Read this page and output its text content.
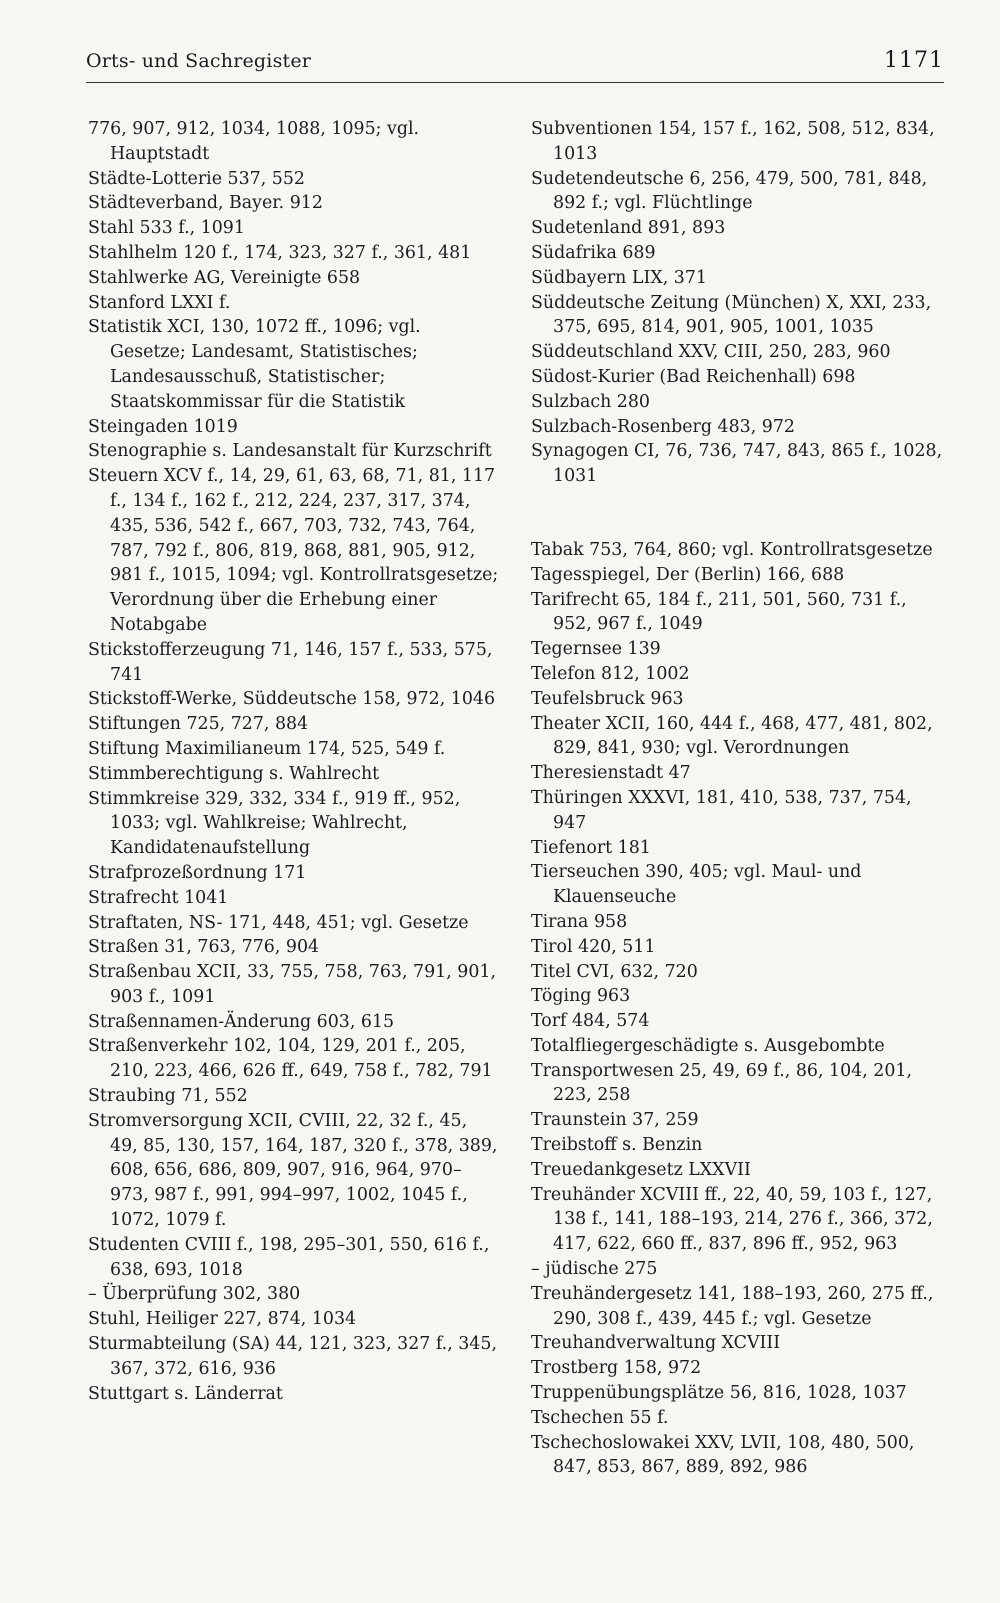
Orts- und Sachregister	1171
776, 907, 912, 1034, 1088, 1095; vgl. Hauptstadt
Städte-Lotterie 537, 552
Städteverband, Bayer. 912
Stahl 533 f., 1091
Stahlhelm 120 f., 174, 323, 327 f., 361, 481
Stahlwerke AG, Vereinigte 658
Stanford LXXI f.
Statistik XCI, 130, 1072 ff., 1096; vgl. Gesetze; Landesamt, Statistisches; Landesausschuß, Statistischer; Staatskommissar für die Statistik
Steingaden 1019
Stenographie s. Landesanstalt für Kurzschrift
Steuern XCV f., 14, 29, 61, 63, 68, 71, 81, 117 f., 134 f., 162 f., 212, 224, 237, 317, 374, 435, 536, 542 f., 667, 703, 732, 743, 764, 787, 792 f., 806, 819, 868, 881, 905, 912, 981 f., 1015, 1094; vgl. Kontrollratsgesetze; Verordnung über die Erhebung einer Notabgabe
Stickstofferzeugung 71, 146, 157 f., 533, 575, 741
Stickstoff-Werke, Süddeutsche 158, 972, 1046
Stiftungen 725, 727, 884
Stiftung Maximilianeum 174, 525, 549 f.
Stimmberechtigung s. Wahlrecht
Stimmkreise 329, 332, 334 f., 919 ff., 952, 1033; vgl. Wahlkreise; Wahlrecht, Kandidatenaufstellung
Strafprozeßordnung 171
Strafrecht 1041
Straftaten, NS- 171, 448, 451; vgl. Gesetze
Straßen 31, 763, 776, 904
Straßenbau XCII, 33, 755, 758, 763, 791, 901, 903 f., 1091
Straßennamen-Änderung 603, 615
Straßenverkehr 102, 104, 129, 201 f., 205, 210, 223, 466, 626 ff., 649, 758 f., 782, 791
Straubing 71, 552
Stromversorgung XCII, CVIII, 22, 32 f., 45, 49, 85, 130, 157, 164, 187, 320 f., 378, 389, 608, 656, 686, 809, 907, 916, 964, 970–973, 987 f., 991, 994–997, 1002, 1045 f., 1072, 1079 f.
Studenten CVIII f., 198, 295–301, 550, 616 f., 638, 693, 1018
– Überprüfung 302, 380
Stuhl, Heiliger 227, 874, 1034
Sturmabteilung (SA) 44, 121, 323, 327 f., 345, 367, 372, 616, 936
Stuttgart s. Länderrat
Subventionen 154, 157 f., 162, 508, 512, 834, 1013
Sudetendeutsche 6, 256, 479, 500, 781, 848, 892 f.; vgl. Flüchtlinge
Sudetenland 891, 893
Südafrika 689
Südbayern LIX, 371
Süddeutsche Zeitung (München) X, XXI, 233, 375, 695, 814, 901, 905, 1001, 1035
Süddeutschland XXV, CIII, 250, 283, 960
Südost-Kurier (Bad Reichenhall) 698
Sulzbach 280
Sulzbach-Rosenberg 483, 972
Synagogen CI, 76, 736, 747, 843, 865 f., 1028, 1031
Tabak 753, 764, 860; vgl. Kontrollratsgesetze
Tagesspiegel, Der (Berlin) 166, 688
Tarifrecht 65, 184 f., 211, 501, 560, 731 f., 952, 967 f., 1049
Tegernsee 139
Telefon 812, 1002
Teufelsbruck 963
Theater XCII, 160, 444 f., 468, 477, 481, 802, 829, 841, 930; vgl. Verordnungen
Theresienstadt 47
Thüringen XXXVI, 181, 410, 538, 737, 754, 947
Tiefenort 181
Tierseuchen 390, 405; vgl. Maul- und Klauenseuche
Tirana 958
Tirol 420, 511
Titel CVI, 632, 720
Töging 963
Torf 484, 574
Totalfliegergeschädigte s. Ausgebombte
Transportwesen 25, 49, 69 f., 86, 104, 201, 223, 258
Traunstein 37, 259
Treibstoff s. Benzin
Treuedankgesetz LXXVII
Treuhänder XCVIII ff., 22, 40, 59, 103 f., 127, 138 f., 141, 188–193, 214, 276 f., 366, 372, 417, 622, 660 ff., 837, 896 ff., 952, 963
– jüdische 275
Treuhändergesetz 141, 188–193, 260, 275 ff., 290, 308 f., 439, 445 f.; vgl. Gesetze
Treuhandverwaltung XCVIII
Trostberg 158, 972
Truppenübungsplätze 56, 816, 1028, 1037
Tschechen 55 f.
Tschechoslowakei XXV, LVII, 108, 480, 500, 847, 853, 867, 889, 892, 986
